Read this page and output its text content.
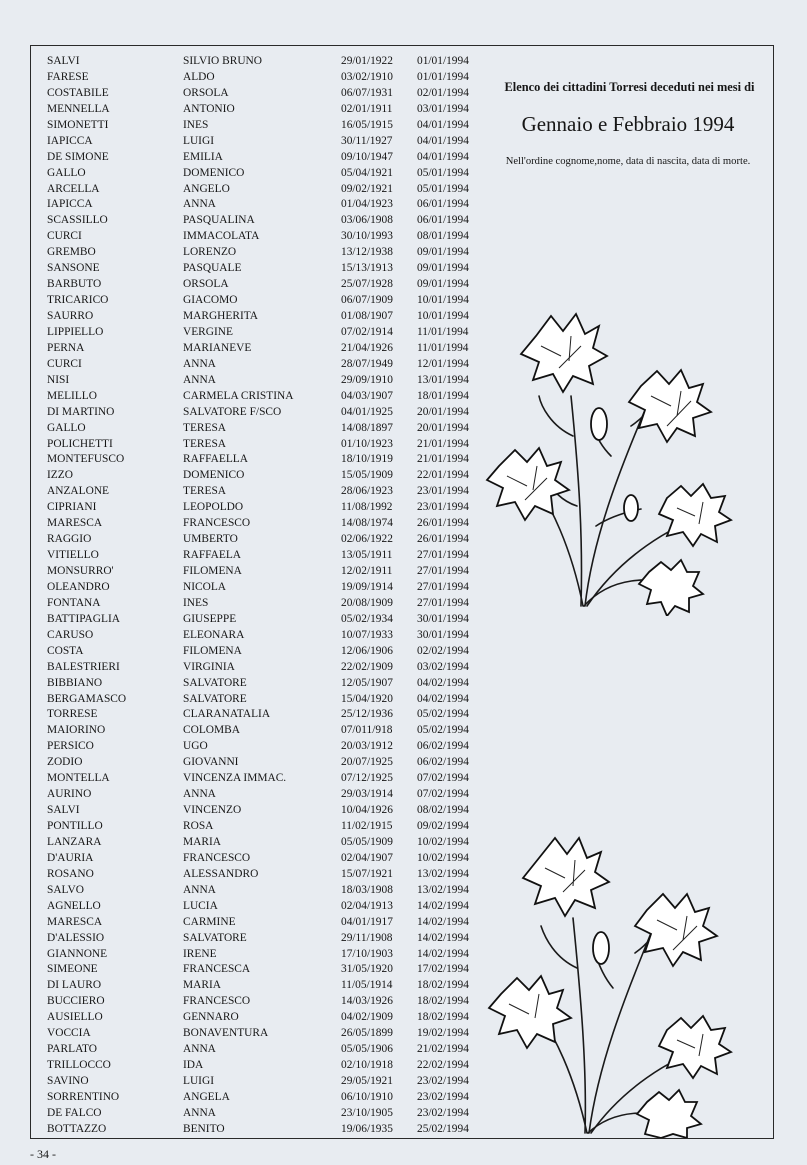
SALVI	SILVIO BRUNO	29/01/1922 01/01/1994
FARESE	ALDO	03/02/1910 01/01/1994
COSTABILE	ORSOLA	06/07/1931 02/01/1994
MENNELLA	ANTONIO	02/01/1911 03/01/1994
SIMONETTI	INES	16/05/1915 04/01/1994
IAPICCA	LUIGI	30/11/1927 04/01/1994
DE SIMONE	EMILIA	09/10/1947 04/01/1994
GALLO	DOMENICO	05/04/1921 05/01/1994
ARCELLA	ANGELO	09/02/1921 05/01/1994
IAPICCA	ANNA	01/04/1923 06/01/1994
SCASSILLO	PASQUALINA	03/06/1908 06/01/1994
CURCI	IMMACOLATA	30/10/1993 08/01/1994
GREMBO	LORENZO	13/12/1938 09/01/1994
SANSONE	PASQUALE	15/13/1913 09/01/1994
BARBUTO	ORSOLA	25/07/1928 09/01/1994
TRICARICO	GIACOMO	06/07/1909 10/01/1994
SAURRO	MARGHERITA	01/08/1907 10/01/1994
LIPPIELLO	VERGINE	07/02/1914 11/01/1994
PERNA	MARIANEVE	21/04/1926 11/01/1994
CURCI	ANNA	28/07/1949 12/01/1994
NISI	ANNA	29/09/1910 13/01/1994
MELILLO	CARMELA CRISTINA	04/03/1907 18/01/1994
DI MARTINO	SALVATORE F/SCO	04/01/1925 20/01/1994
GALLO	TERESA	14/08/1897 20/01/1994
POLICHETTI	TERESA	01/10/1923 21/01/1994
MONTEFUSCO	RAFFAELLA	18/10/1919 21/01/1994
IZZO	DOMENICO	15/05/1909 22/01/1994
ANZALONE	TERESA	28/06/1923 23/01/1994
CIPRIANI	LEOPOLDO	11/08/1992 23/01/1994
MARESCA	FRANCESCO	14/08/1974 26/01/1994
RAGGIO	UMBERTO	02/06/1922 26/01/1994
VITIELLO	RAFFAELA	13/05/1911 27/01/1994
MONSURRO'	FILOMENA	12/02/1911 27/01/1994
OLEANDRO	NICOLA	19/09/1914 27/01/1994
FONTANA	INES	20/08/1909 27/01/1994
BATTIPAGLIA	GIUSEPPE	05/02/1934 30/01/1994
CARUSO	ELEONARA	10/07/1933 30/01/1994
COSTA	FILOMENA	12/06/1906 02/02/1994
BALESTRIERI	VIRGINIA	22/02/1909 03/02/1994
BIBBIANO	SALVATORE	12/05/1907 04/02/1994
BERGAMASCO	SALVATORE	15/04/1920 04/02/1994
TORRESE	CLARANATALIA	25/12/1936 05/02/1994
MAIORINO	COLOMBA	07/011/918 05/02/1994
PERSICO	UGO	20/03/1912 06/02/1994
ZODIO	GIOVANNI	20/07/1925 06/02/1994
MONTELLA	VINCENZA IMMAC.	07/12/1925 07/02/1994
AURINO	ANNA	29/03/1914 07/02/1994
SALVI	VINCENZO	10/04/1926 08/02/1994
PONTILLO	ROSA	11/02/1915 09/02/1994
LANZARA	MARIA	05/05/1909 10/02/1994
D'AURIA	FRANCESCO	02/04/1907 10/02/1994
ROSANO	ALESSANDRO	15/07/1921 13/02/1994
SALVO	ANNA	18/03/1908 13/02/1994
AGNELLO	LUCIA	02/04/1913 14/02/1994
MARESCA	CARMINE	04/01/1917 14/02/1994
D'ALESSIO	SALVATORE	29/11/1908 14/02/1994
GIANNONE	IRENE	17/10/1903 14/02/1994
SIMEONE	FRANCESCA	31/05/1920 17/02/1994
DI LAURO	MARIA	11/05/1914 18/02/1994
BUCCIERO	FRANCESCO	14/03/1926 18/02/1994
AUSIELLO	GENNARO	04/02/1909 18/02/1994
VOCCIA	BONAVENTURA	26/05/1899 19/02/1994
PARLATO	ANNA	05/05/1906 21/02/1994
TRILLOCCO	IDA	02/10/1918 22/02/1994
SAVINO	LUIGI	29/05/1921 23/02/1994
SORRENTINO	ANGELA	06/10/1910 23/02/1994
DE FALCO	ANNA	23/10/1905 23/02/1994
BOTTAZZO	BENITO	19/06/1935 25/02/1994
Elenco dei cittadini Torresi deceduti nei mesi di
Gennaio e Febbraio 1994
Nell'ordine cognome,nome, data di nascita, data di morte.
- 34 -
